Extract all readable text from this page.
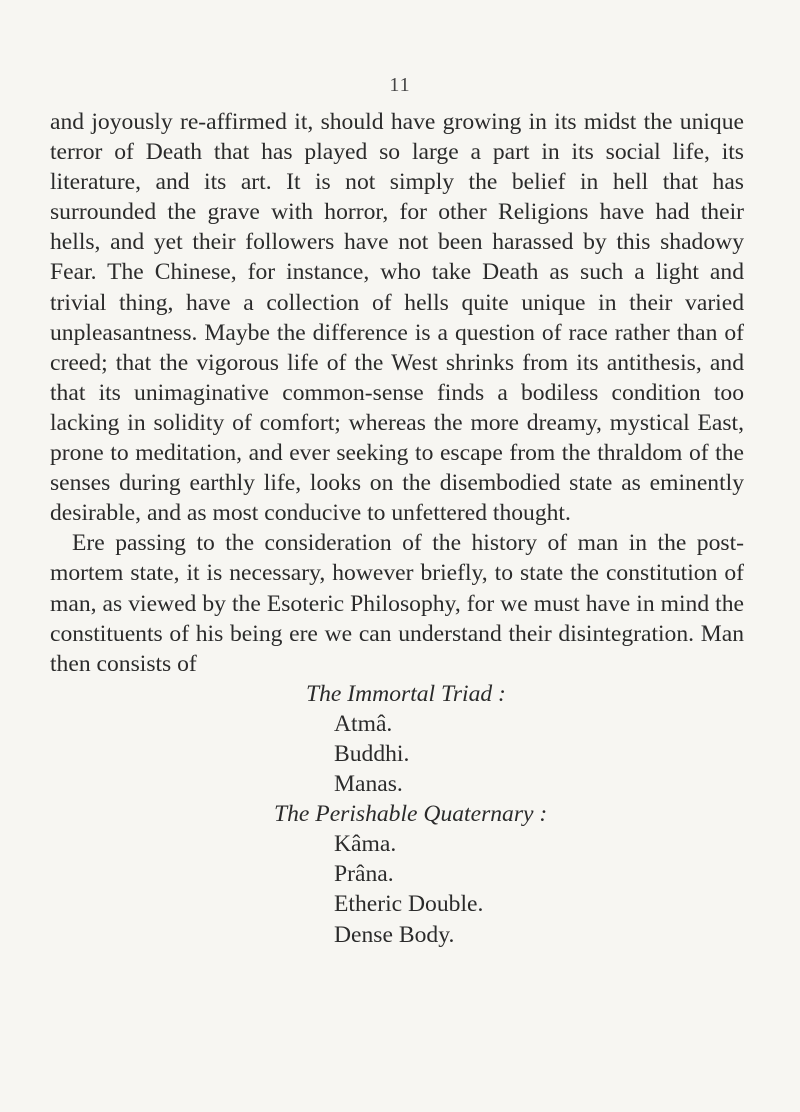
11

and joyously re-affirmed it, should have growing in its midst the unique terror of Death that has played so large a part in its social life, its literature, and its art. It is not simply the belief in hell that has surrounded the grave with horror, for other Religions have had their hells, and yet their followers have not been harassed by this shadowy Fear. The Chinese, for instance, who take Death as such a light and trivial thing, have a collection of hells quite unique in their varied unpleasantness. Maybe the difference is a question of race rather than of creed; that the vigorous life of the West shrinks from its antithesis, and that its unimaginative common-sense finds a bodiless condition too lacking in solidity of comfort; whereas the more dreamy, mystical East, prone to meditation, and ever seeking to escape from the thraldom of the senses during earthly life, looks on the disembodied state as eminently desirable, and as most conducive to unfettered thought.

Ere passing to the consideration of the history of man in the post-mortem state, it is necessary, however briefly, to state the constitution of man, as viewed by the Esoteric Philosophy, for we must have in mind the constituents of his being ere we can understand their disintegration. Man then consists of

The Immortal Triad :

Atmâ.

Buddhi.

Manas.

The Perishable Quaternary :

Kâma.

Prâna.

Etheric Double.

Dense Body.
